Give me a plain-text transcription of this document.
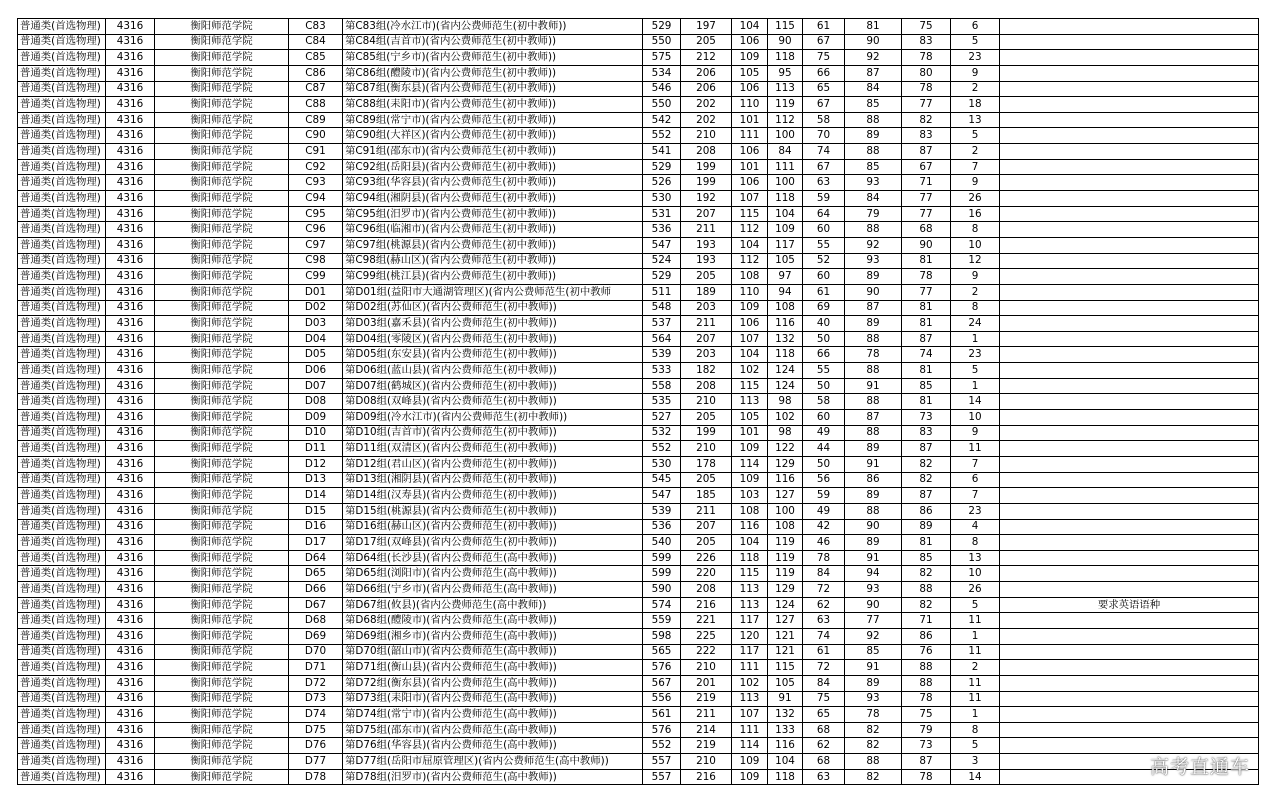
普通类(首选物理)	4316	衡阳师范学院	C83	第C83组(冷水江市)(省内公费师范生(初中教师))	529	197	104	115	61	81	75	6	
普通类(首选物理)	4316	衡阳师范学院	C84	第C84组(吉首市)(省内公费师范生(初中教师))	550	205	106	90	67	90	83	5	
普通类(首选物理)	4316	衡阳师范学院	C85	第C85组(宁乡市)(省内公费师范生(初中教师))	575	212	109	118	75	92	78	23	
普通类(首选物理)	4316	衡阳师范学院	C86	第C86组(醴陵市)(省内公费师范生(初中教师))	534	206	105	95	66	87	80	9	
普通类(首选物理)	4316	衡阳师范学院	C87	第C87组(衡东县)(省内公费师范生(初中教师))	546	206	106	113	65	84	78	2	
普通类(首选物理)	4316	衡阳师范学院	C88	第C88组(耒阳市)(省内公费师范生(初中教师))	550	202	110	119	67	85	77	18	
普通类(首选物理)	4316	衡阳师范学院	C89	第C89组(常宁市)(省内公费师范生(初中教师))	542	202	101	112	58	88	82	13	
普通类(首选物理)	4316	衡阳师范学院	C90	第C90组(大祥区)(省内公费师范生(初中教师))	552	210	111	100	70	89	83	5	
普通类(首选物理)	4316	衡阳师范学院	C91	第C91组(邵东市)(省内公费师范生(初中教师))	541	208	106	84	74	88	87	2	
普通类(首选物理)	4316	衡阳师范学院	C92	第C92组(岳阳县)(省内公费师范生(初中教师))	529	199	101	111	67	85	67	7	
普通类(首选物理)	4316	衡阳师范学院	C93	第C93组(华容县)(省内公费师范生(初中教师))	526	199	106	100	63	93	71	9	
普通类(首选物理)	4316	衡阳师范学院	C94	第C94组(湘阴县)(省内公费师范生(初中教师))	530	192	107	118	59	84	77	26	
普通类(首选物理)	4316	衡阳师范学院	C95	第C95组(汨罗市)(省内公费师范生(初中教师))	531	207	115	104	64	79	77	16	
普通类(首选物理)	4316	衡阳师范学院	C96	第C96组(临湘市)(省内公费师范生(初中教师))	536	211	112	109	60	88	68	8	
普通类(首选物理)	4316	衡阳师范学院	C97	第C97组(桃源县)(省内公费师范生(初中教师))	547	193	104	117	55	92	90	10	
普通类(首选物理)	4316	衡阳师范学院	C98	第C98组(赫山区)(省内公费师范生(初中教师))	524	193	112	105	52	93	81	12	
普通类(首选物理)	4316	衡阳师范学院	C99	第C99组(桃江县)(省内公费师范生(初中教师))	529	205	108	97	60	89	78	9	
普通类(首选物理)	4316	衡阳师范学院	D01	第D01组(益阳市大通湖管理区)(省内公费师范生(初中教师	511	189	110	94	61	90	77	2	
普通类(首选物理)	4316	衡阳师范学院	D02	第D02组(苏仙区)(省内公费师范生(初中教师))	548	203	109	108	69	87	81	8	
普通类(首选物理)	4316	衡阳师范学院	D03	第D03组(嘉禾县)(省内公费师范生(初中教师))	537	211	106	116	40	89	81	24	
普通类(首选物理)	4316	衡阳师范学院	D04	第D04组(零陵区)(省内公费师范生(初中教师))	564	207	107	132	50	88	87	1	
普通类(首选物理)	4316	衡阳师范学院	D05	第D05组(东安县)(省内公费师范生(初中教师))	539	203	104	118	66	78	74	23	
普通类(首选物理)	4316	衡阳师范学院	D06	第D06组(蓝山县)(省内公费师范生(初中教师))	533	182	102	124	55	88	81	5	
普通类(首选物理)	4316	衡阳师范学院	D07	第D07组(鹤城区)(省内公费师范生(初中教师))	558	208	115	124	50	91	85	1	
普通类(首选物理)	4316	衡阳师范学院	D08	第D08组(双峰县)(省内公费师范生(初中教师))	535	210	113	98	58	88	81	14	
普通类(首选物理)	4316	衡阳师范学院	D09	第D09组(冷水江市)(省内公费师范生(初中教师))	527	205	105	102	60	87	73	10	
普通类(首选物理)	4316	衡阳师范学院	D10	第D10组(吉首市)(省内公费师范生(初中教师))	532	199	101	98	49	88	83	9	
普通类(首选物理)	4316	衡阳师范学院	D11	第D11组(双清区)(省内公费师范生(初中教师))	552	210	109	122	44	89	87	11	
普通类(首选物理)	4316	衡阳师范学院	D12	第D12组(君山区)(省内公费师范生(初中教师))	530	178	114	129	50	91	82	7	
普通类(首选物理)	4316	衡阳师范学院	D13	第D13组(湘阴县)(省内公费师范生(初中教师))	545	205	109	116	56	86	82	6	
普通类(首选物理)	4316	衡阳师范学院	D14	第D14组(汉寿县)(省内公费师范生(初中教师))	547	185	103	127	59	89	87	7	
普通类(首选物理)	4316	衡阳师范学院	D15	第D15组(桃源县)(省内公费师范生(初中教师))	539	211	108	100	49	88	86	23	
普通类(首选物理)	4316	衡阳师范学院	D16	第D16组(赫山区)(省内公费师范生(初中教师))	536	207	116	108	42	90	89	4	
普通类(首选物理)	4316	衡阳师范学院	D17	第D17组(双峰县)(省内公费师范生(初中教师))	540	205	104	119	46	89	81	8	
普通类(首选物理)	4316	衡阳师范学院	D64	第D64组(长沙县)(省内公费师范生(高中教师))	599	226	118	119	78	91	85	13	
普通类(首选物理)	4316	衡阳师范学院	D65	第D65组(浏阳市)(省内公费师范生(高中教师))	599	220	115	119	84	94	82	10	
普通类(首选物理)	4316	衡阳师范学院	D66	第D66组(宁乡市)(省内公费师范生(高中教师))	590	208	113	129	72	93	88	26	
普通类(首选物理)	4316	衡阳师范学院	D67	第D67组(攸县)(省内公费师范生(高中教师))	574	216	113	124	62	90	82	5	要求英语语种
普通类(首选物理)	4316	衡阳师范学院	D68	第D68组(醴陵市)(省内公费师范生(高中教师))	559	221	117	127	63	77	71	11	
普通类(首选物理)	4316	衡阳师范学院	D69	第D69组(湘乡市)(省内公费师范生(高中教师))	598	225	120	121	74	92	86	1	
普通类(首选物理)	4316	衡阳师范学院	D70	第D70组(韶山市)(省内公费师范生(高中教师))	565	222	117	121	61	85	76	11	
普通类(首选物理)	4316	衡阳师范学院	D71	第D71组(衡山县)(省内公费师范生(高中教师))	576	210	111	115	72	91	88	2	
普通类(首选物理)	4316	衡阳师范学院	D72	第D72组(衡东县)(省内公费师范生(高中教师))	567	201	102	105	84	89	88	11	
普通类(首选物理)	4316	衡阳师范学院	D73	第D73组(耒阳市)(省内公费师范生(高中教师))	556	219	113	91	75	93	78	11	
普通类(首选物理)	4316	衡阳师范学院	D74	第D74组(常宁市)(省内公费师范生(高中教师))	561	211	107	132	65	78	75	1	
普通类(首选物理)	4316	衡阳师范学院	D75	第D75组(邵东市)(省内公费师范生(高中教师))	576	214	111	133	68	82	79	8	
普通类(首选物理)	4316	衡阳师范学院	D76	第D76组(华容县)(省内公费师范生(高中教师))	552	219	114	116	62	82	73	5	
普通类(首选物理)	4316	衡阳师范学院	D77	第D77组(岳阳市屈原管理区)(省内公费师范生(高中教师))	557	210	109	104	68	88	87	3	
普通类(首选物理)	4316	衡阳师范学院	D78	第D78组(汨罗市)(省内公费师范生(高中教师))	557	216	109	118	63	82	78	14		高考直通车
